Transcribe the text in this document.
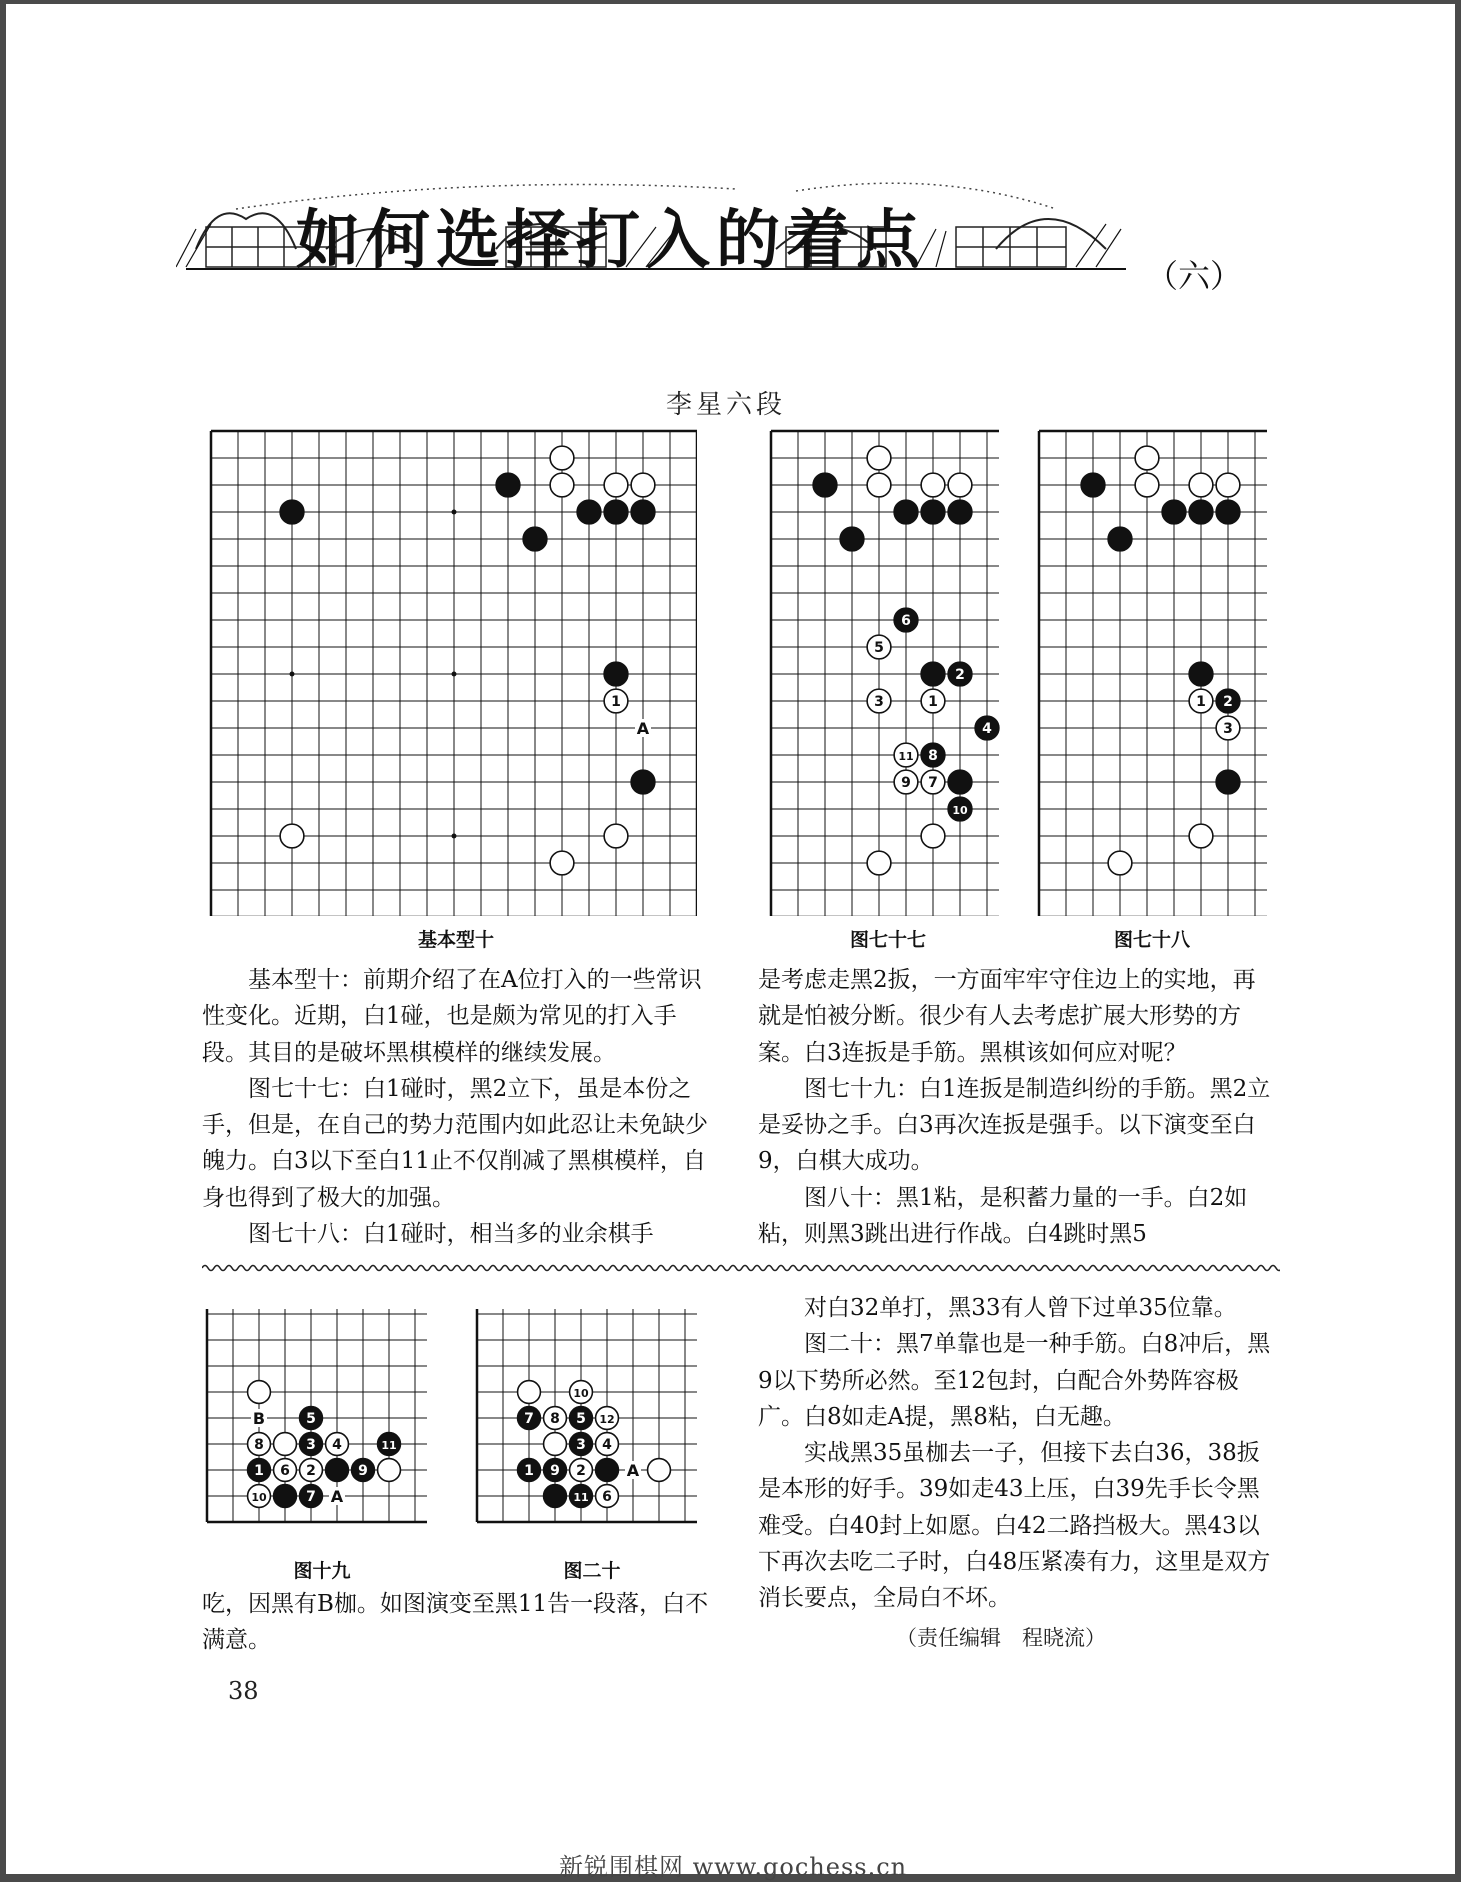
如何选择打入的着点	（六）
李星六段
1
A
6
5
2
3	1
4
11 8
9 7
10
1 2
3
基本型十	图七十七	图七十八

基本型十：前期介绍了在A位打入的一些常识性变化。近期，白1碰，也是颇为常见的打入手段。其目的是破坏黑棋模样的继续发展。

图七十七：白1碰时，黑2立下，虽是本份之手，但是，在自己的势力范围内如此忍让未免缺少魄力。白3以下至白11止不仅削减了黑棋模样，自身也得到了极大的加强。

图七十八：白1碰时，相当多的业余棋手

是考虑走黑2扳，一方面牢牢守住边上的实地，再就是怕被分断。很少有人去考虑扩展大形势的方案。白3连扳是手筋。黑棋该如何应对呢？

图七十九：白1连扳是制造纠纷的手筋。黑2立是妥协之手。白3再次连扳是强手。以下演变至白9，白棋大成功。

图八十：黑1粘，是积蓄力量的一手。白2如粘，则黑3跳出进行作战。白4跳时黑5

5
8	3 4	11
1 6 2	9
10	7
B
A
10
7 8 5 12
3 4
1 9 2
11 6
A
图十九	图二十

吃，因黑有B枷。如图演变至黑11告一段落，白不满意。

对白32单打，黑33有人曾下过单35位靠。

图二十：黑7单靠也是一种手筋。白8冲后，黑9以下势所必然。至12包封，白配合外势阵容极广。白8如走A提，黑8粘，白无趣。

实战黑35虽枷去一子，但接下去白36，38扳是本形的好手。39如走43上压，白39先手长令黑难受。白40封上如愿。白42二路挡极大。黑43以下再次去吃二子时，白48压紧凑有力，这里是双方消长要点，全局白不坏。

（责任编辑　程晓流）
38
新锐围棋网 www.gochess.cn
